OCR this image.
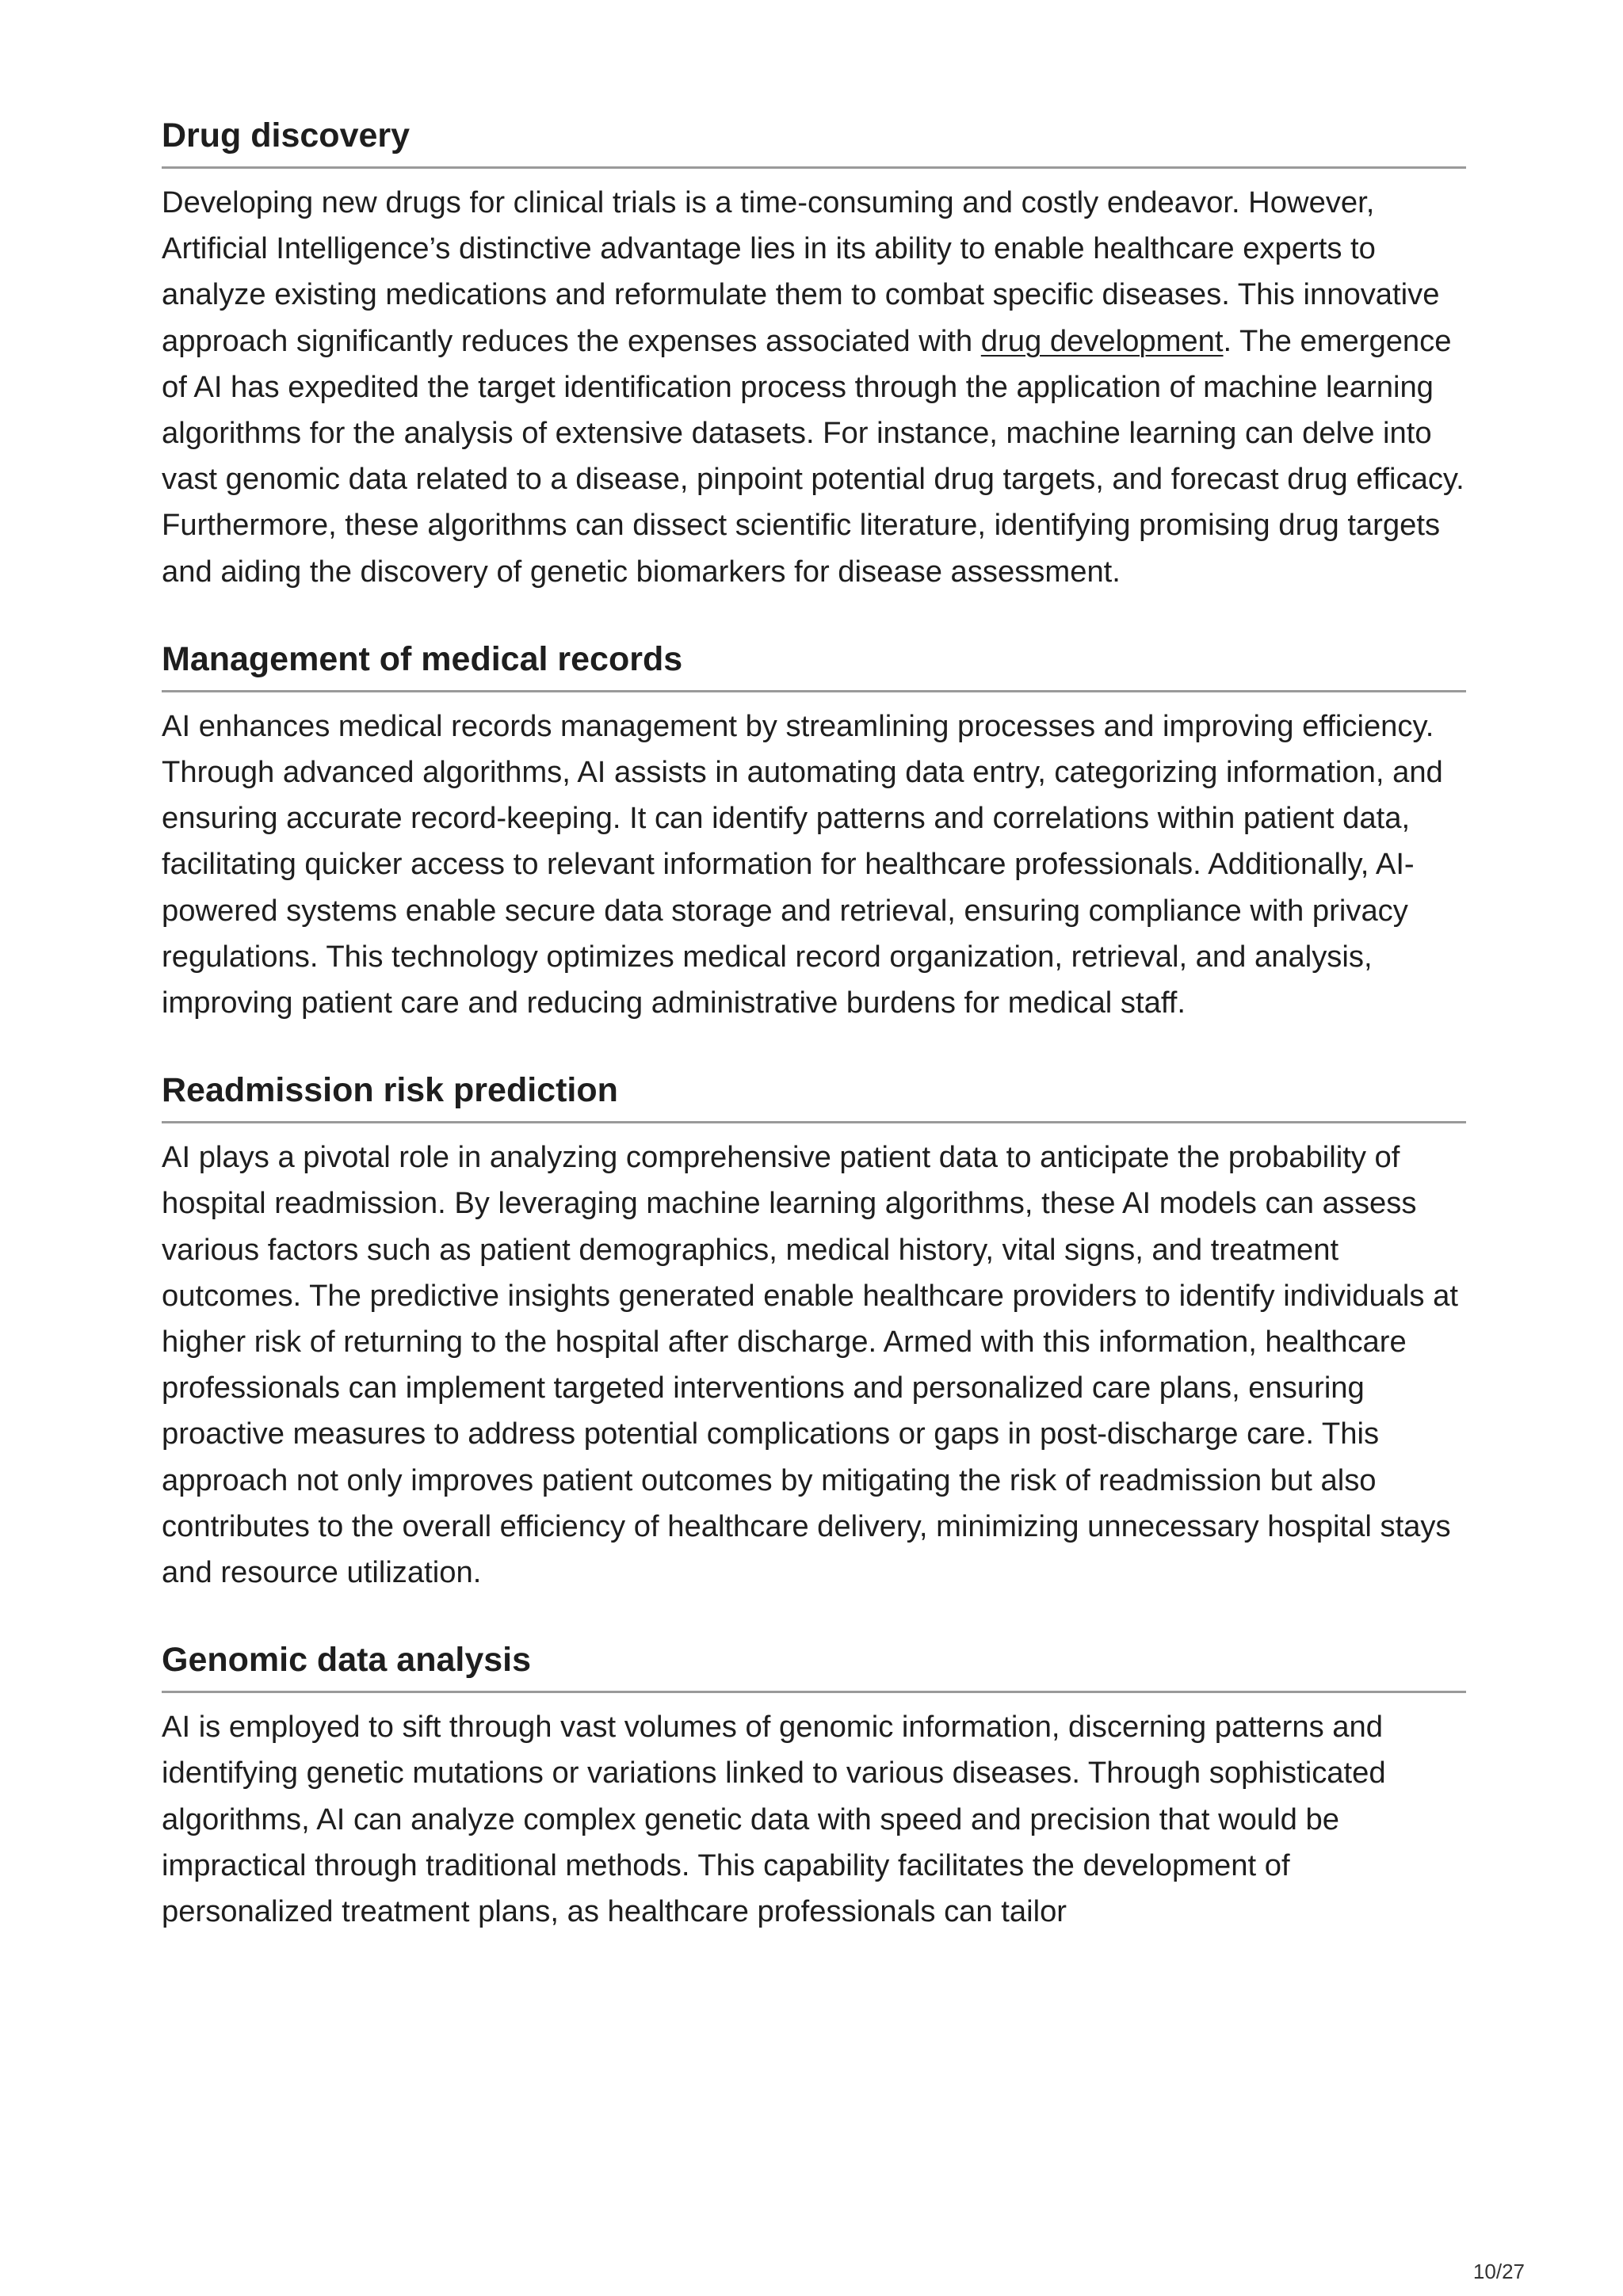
Drug discovery

Developing new drugs for clinical trials is a time-consuming and costly endeavor. However, Artificial Intelligence’s distinctive advantage lies in its ability to enable healthcare experts to analyze existing medications and reformulate them to combat specific diseases. This innovative approach significantly reduces the expenses associated with drug development. The emergence of AI has expedited the target identification process through the application of machine learning algorithms for the analysis of extensive datasets. For instance, machine learning can delve into vast genomic data related to a disease, pinpoint potential drug targets, and forecast drug efficacy. Furthermore, these algorithms can dissect scientific literature, identifying promising drug targets and aiding the discovery of genetic biomarkers for disease assessment.

Management of medical records

AI enhances medical records management by streamlining processes and improving efficiency. Through advanced algorithms, AI assists in automating data entry, categorizing information, and ensuring accurate record-keeping. It can identify patterns and correlations within patient data, facilitating quicker access to relevant information for healthcare professionals. Additionally, AI-powered systems enable secure data storage and retrieval, ensuring compliance with privacy regulations. This technology optimizes medical record organization, retrieval, and analysis, improving patient care and reducing administrative burdens for medical staff.

Readmission risk prediction

AI plays a pivotal role in analyzing comprehensive patient data to anticipate the probability of hospital readmission. By leveraging machine learning algorithms, these AI models can assess various factors such as patient demographics, medical history, vital signs, and treatment outcomes. The predictive insights generated enable healthcare providers to identify individuals at higher risk of returning to the hospital after discharge. Armed with this information, healthcare professionals can implement targeted interventions and personalized care plans, ensuring proactive measures to address potential complications or gaps in post-discharge care. This approach not only improves patient outcomes by mitigating the risk of readmission but also contributes to the overall efficiency of healthcare delivery, minimizing unnecessary hospital stays and resource utilization.

Genomic data analysis

AI is employed to sift through vast volumes of genomic information, discerning patterns and identifying genetic mutations or variations linked to various diseases. Through sophisticated algorithms, AI can analyze complex genetic data with speed and precision that would be impractical through traditional methods. This capability facilitates the development of personalized treatment plans, as healthcare professionals can tailor

10/27
